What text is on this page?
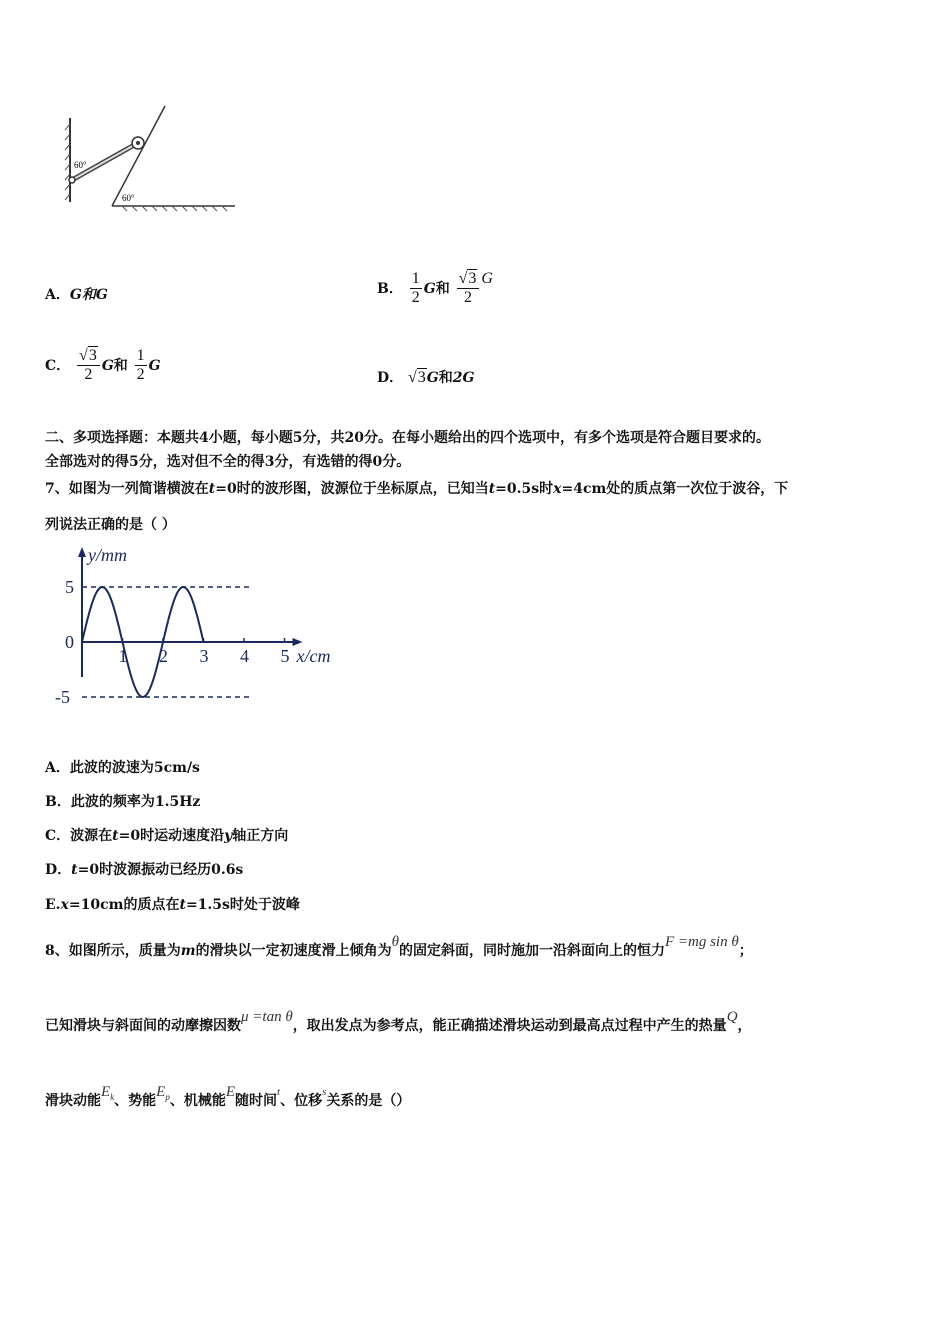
60°
60°
A．G和G	B． $\frac{1}{2}$ G和 $\frac{√3}{2}$ G
C． $\frac{√3}{2}$ G和 $\frac{1}{2}$ G
D． √3G和2G
二、多项选择题：本题共4小题，每小题5分，共20分。在每小题给出的四个选项中，有多个选项是符合题目要求的。
全部选对的得5分，选对但不全的得3分，有选错的得0分。
7、如图为一列简谐横波在t=0时的波形图，波源位于坐标原点，已知当t=0.5s时x=4cm处的质点第一次位于波谷，下
列说法正确的是（ ）
1 2 3 4 5
5
0
-5
y/mm
x/cm
A．此波的波速为5cm/s
B．此波的频率为1.5Hz
C．波源在t=0时运动速度沿y轴正方向
D．t=0时波源振动已经历0.6s
E.x=10cm的质点在t=1.5s时处于波峰
8、如图所示，质量为m的滑块以一定初速度滑上倾角为θ的固定斜面，同时施加一沿斜面向上的恒力F =mg sin θ；
已知滑块与斜面间的动摩擦因数μ =tan θ，取出发点为参考点，能正确描述滑块运动到最高点过程中产生的热量Q，
滑块动能$E_k$、势能$E_p$、机械能E随时间$^t$、位移$^s$关系的是（）
